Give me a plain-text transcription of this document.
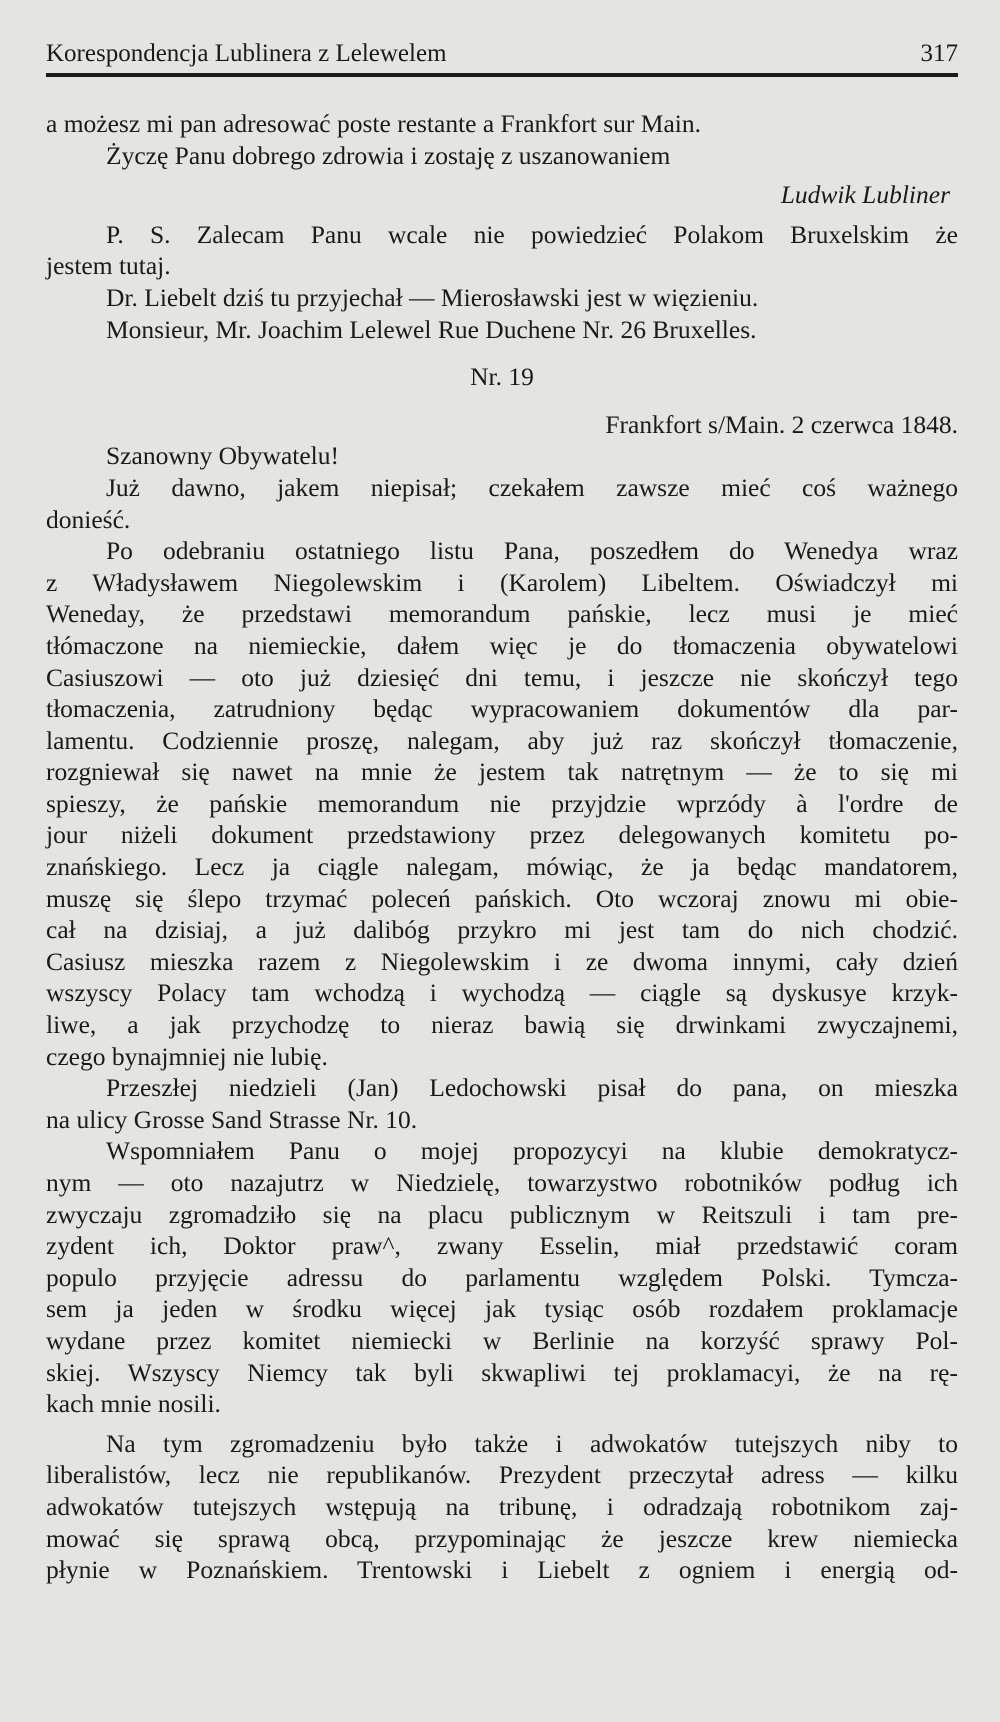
Korespondencja Lublinera z Lelewelem	317

a możesz mi pan adresować poste restante a Frankfort sur Main.

Życzę Panu dobrego zdrowia i zostaję z uszanowaniem

Ludwik Lubliner

P. S. Zalecam Panu wcale nie powiedzieć Polakom Bruxelskim że

jestem tutaj.

Dr. Liebelt dziś tu przyjechał — Mierosławski jest w więzieniu.

Monsieur, Mr. Joachim Lelewel Rue Duchene Nr. 26 Bruxelles.

Nr. 19

Frankfort s/Main. 2 czerwca 1848.

Szanowny Obywatelu!

Już dawno, jakem niepisał; czekałem zawsze mieć coś ważnego

donieść.

Po odebraniu ostatniego listu Pana, poszedłem do Wenedya wraz

z Władysławem Niegolewskim i (Karolem) Libeltem. Oświadczył mi

Weneday, że przedstawi memorandum pańskie, lecz musi je mieć

tłómaczone na niemieckie, dałem więc je do tłomaczenia obywatelowi

Casiuszowi — oto już dziesięć dni temu, i jeszcze nie skończył tego

tłomaczenia, zatrudniony będąc wypracowaniem dokumentów dla par-

lamentu. Codziennie proszę, nalegam, aby już raz skończył tłomaczenie,

rozgniewał się nawet na mnie że jestem tak natrętnym — że to się mi

spieszy, że pańskie memorandum nie przyjdzie wprzódy à l'ordre de

jour niżeli dokument przedstawiony przez delegowanych komitetu po-

znańskiego. Lecz ja ciągle nalegam, mówiąc, że ja będąc mandatorem,

muszę się ślepo trzymać poleceń pańskich. Oto wczoraj znowu mi obie-

cał na dzisiaj, a już dalibóg przykro mi jest tam do nich chodzić.

Casiusz mieszka razem z Niegolewskim i ze dwoma innymi, cały dzień

wszyscy Polacy tam wchodzą i wychodzą — ciągle są dyskusye krzyk-

liwe, a jak przychodzę to nieraz bawią się drwinkami zwyczajnemi,

czego bynajmniej nie lubię.

Przeszłej niedzieli (Jan) Ledochowski pisał do pana, on mieszka

na ulicy Grosse Sand Strasse Nr. 10.

Wspomniałem Panu o mojej propozycyi na klubie demokratycz-

nym — oto nazajutrz w Niedzielę, towarzystwo robotników podług ich

zwyczaju zgromadziło się na placu publicznym w Reitszuli i tam pre-

zydent ich, Doktor praw^, zwany Esselin, miał przedstawić coram

populo przyjęcie adressu do parlamentu względem Polski. Tymcza-

sem ja jeden w środku więcej jak tysiąc osób rozdałem proklamacje

wydane przez komitet niemiecki w Berlinie na korzyść sprawy Pol-

skiej. Wszyscy Niemcy tak byli skwapliwi tej proklamacyi, że na rę-

kach mnie nosili.

Na tym zgromadzeniu było także i adwokatów tutejszych niby to

liberalistów, lecz nie republikanów. Prezydent przeczytał adress — kilku

adwokatów tutejszych wstępują na tribunę, i odradzają robotnikom zaj-

mować się sprawą obcą, przypominając że jeszcze krew niemiecka

płynie w Poznańskiem. Trentowski i Liebelt z ogniem i energią od-
